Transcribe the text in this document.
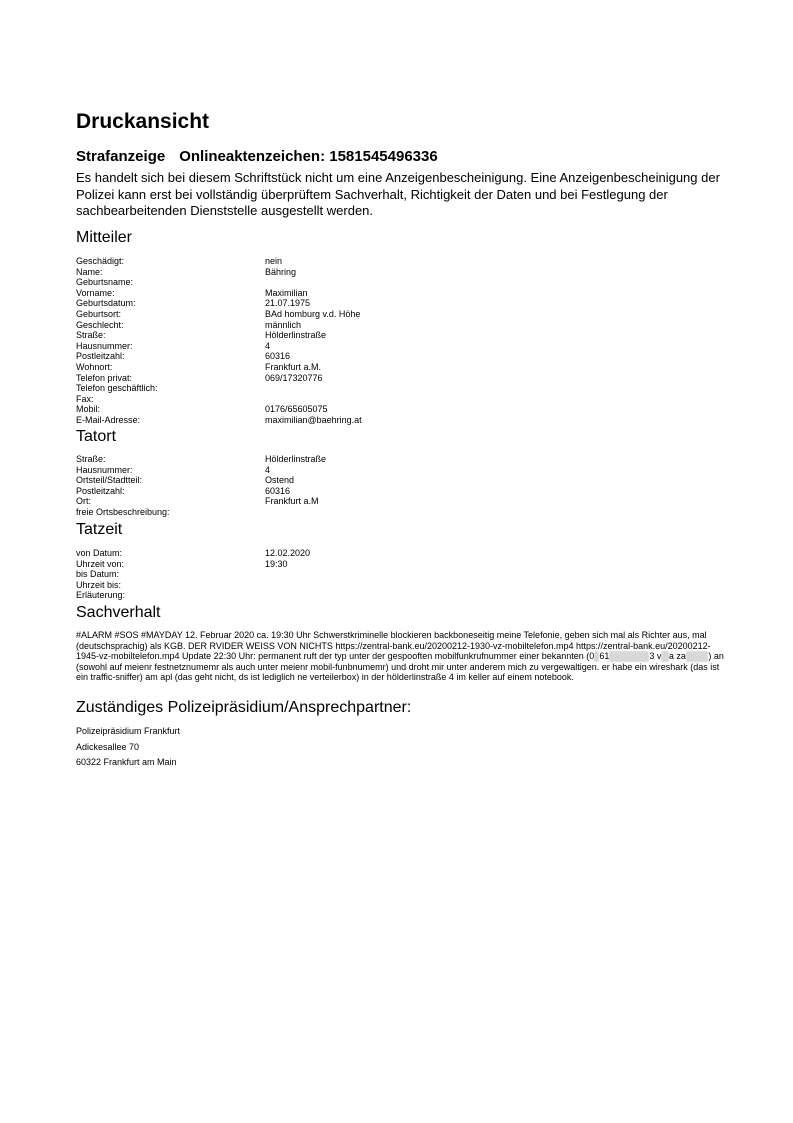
Druckansicht
Strafanzeige Onlineaktenzeichen: 1581545496336

Es handelt sich bei diesem Schriftstück nicht um eine Anzeigenbescheinigung. Eine Anzeigenbescheinigung der Polizei kann erst bei vollständig überprüftem Sachverhalt, Richtigkeit der Daten und bei Festlegung der sachbearbeitenden Dienststelle ausgestellt werden.

Mitteiler
Geschädigt:	nein
Name:	Bähring
Geburtsname:
Vorname:	Maximilian
Geburtsdatum:	21.07.1975
Geburtsort:	BAd homburg v.d. Höhe
Geschlecht:	männlich
Straße:	Hölderlinstraße
Hausnummer:	4
Postleitzahl:	60316
Wohnort:	Frankfurt a.M.
Telefon privat:	069/17320776
Telefon geschäftlich:
Fax:
Mobil:	0176/65605075
E-Mail-Adresse:	maximilian@baehring.at
Tatort
Straße:	Hölderlinstraße
Hausnummer:	4
Ortsteil/Stadtteil:	Ostend
Postleitzahl:	60316
Ort:	Frankfurt a.M
freie Ortsbeschreibung:
Tatzeit
von Datum:	12.02.2020
Uhrzeit von:	19:30
bis Datum:
Uhrzeit bis:
Erläuterung:
Sachverhalt

#ALARM #SOS #MAYDAY 12. Februar 2020 ca. 19:30 Uhr Schwerstkriminelle blockieren backboneseitig meine Telefonie, geben sich mal als Richter aus, mal (deutschsprachig) als KGB. DER RVIDER WEISS VON NICHTS https://zentral-bank.eu/20200212-1930-vz-mobiltelefon.mp4 https://zentral-bank.eu/20200212-1945-vz-mobiltelefon.mp4 Update 22:30 Uhr: permanent ruft der typ unter der gespooften mobilfunkrufnummer einer bekannten (0 61	3 v a za	) an (sowohl auf meienr festnetznumemr als auch unter meienr mobil-funbnumemr) und droht mir unter anderem mich zu vergewaltigen. er habe ein wireshark (das ist ein traffic-sniffer) am apl (das geht nicht, ds ist lediglich ne verteilerbox) in der hölderlinstraße 4 im keller auf einem notebook.

Zuständiges Polizeipräsidium/Ansprechpartner:

Polizeipräsidium Frankfurt

Adickesallee 70

60322 Frankfurt am Main
